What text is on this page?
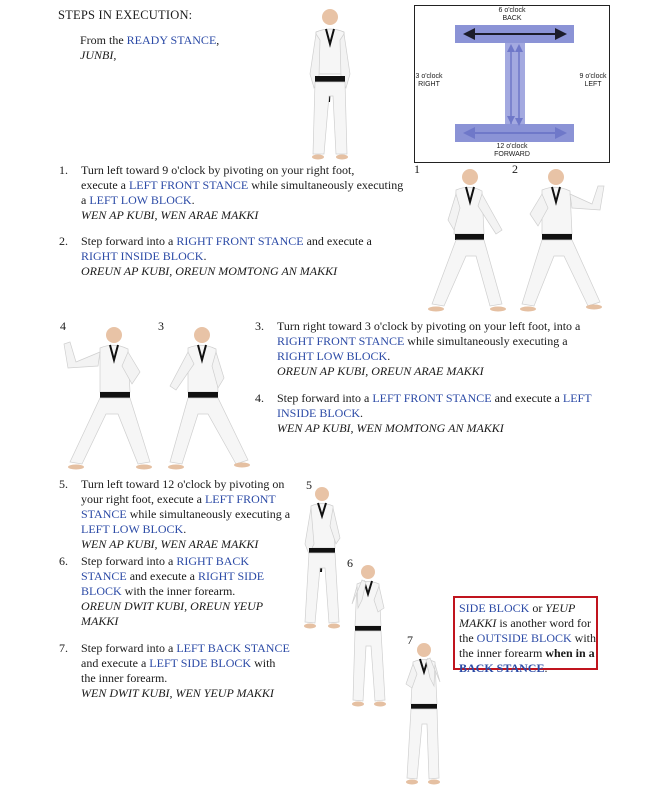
STEPS IN EXECUTION:
From the READY STANCE,
JUNBI,
6 o'clock
BACK
3 o'clock
RIGHT
9 o'clock
LEFT
12 o'clock
FORWARD
1. Turn left toward 9 o'clock by pivoting on your right foot,
execute a LEFT FRONT STANCE while simultaneously executing
a LEFT LOW BLOCK.
WEN AP KUBI, WEN ARAE MAKKI
2. Step forward into a RIGHT FRONT STANCE and execute a
RIGHT INSIDE BLOCK.
OREUN AP KUBI, OREUN MOMTONG AN MAKKI
1	2
3
4
5
6
7
3. Turn right toward 3 o'clock by pivoting on your left foot, into a
RIGHT FRONT STANCE while simultaneously executing a
RIGHT LOW BLOCK.
OREUN AP KUBI, OREUN ARAE MAKKI
4. Step forward into a LEFT FRONT STANCE and execute a LEFT
INSIDE BLOCK.
WEN AP KUBI, WEN MOMTONG AN MAKKI
5. Turn left toward 12 o'clock by pivoting on
your right foot, execute a LEFT FRONT
STANCE while simultaneously executing a
LEFT LOW BLOCK.
WEN AP KUBI, WEN ARAE MAKKI
6. Step forward into a RIGHT BACK
STANCE and execute a RIGHT SIDE
BLOCK with the inner forearm.
OREUN DWIT KUBI, OREUN YEUP
MAKKI
7. Step forward into a LEFT BACK STANCE
and execute a LEFT SIDE BLOCK with
the inner forearm.
WEN DWIT KUBI, WEN YEUP MAKKI
SIDE BLOCK or YEUP
MAKKI is another word for
the OUTSIDE BLOCK with
the inner forearm when in a
BACK STANCE.
